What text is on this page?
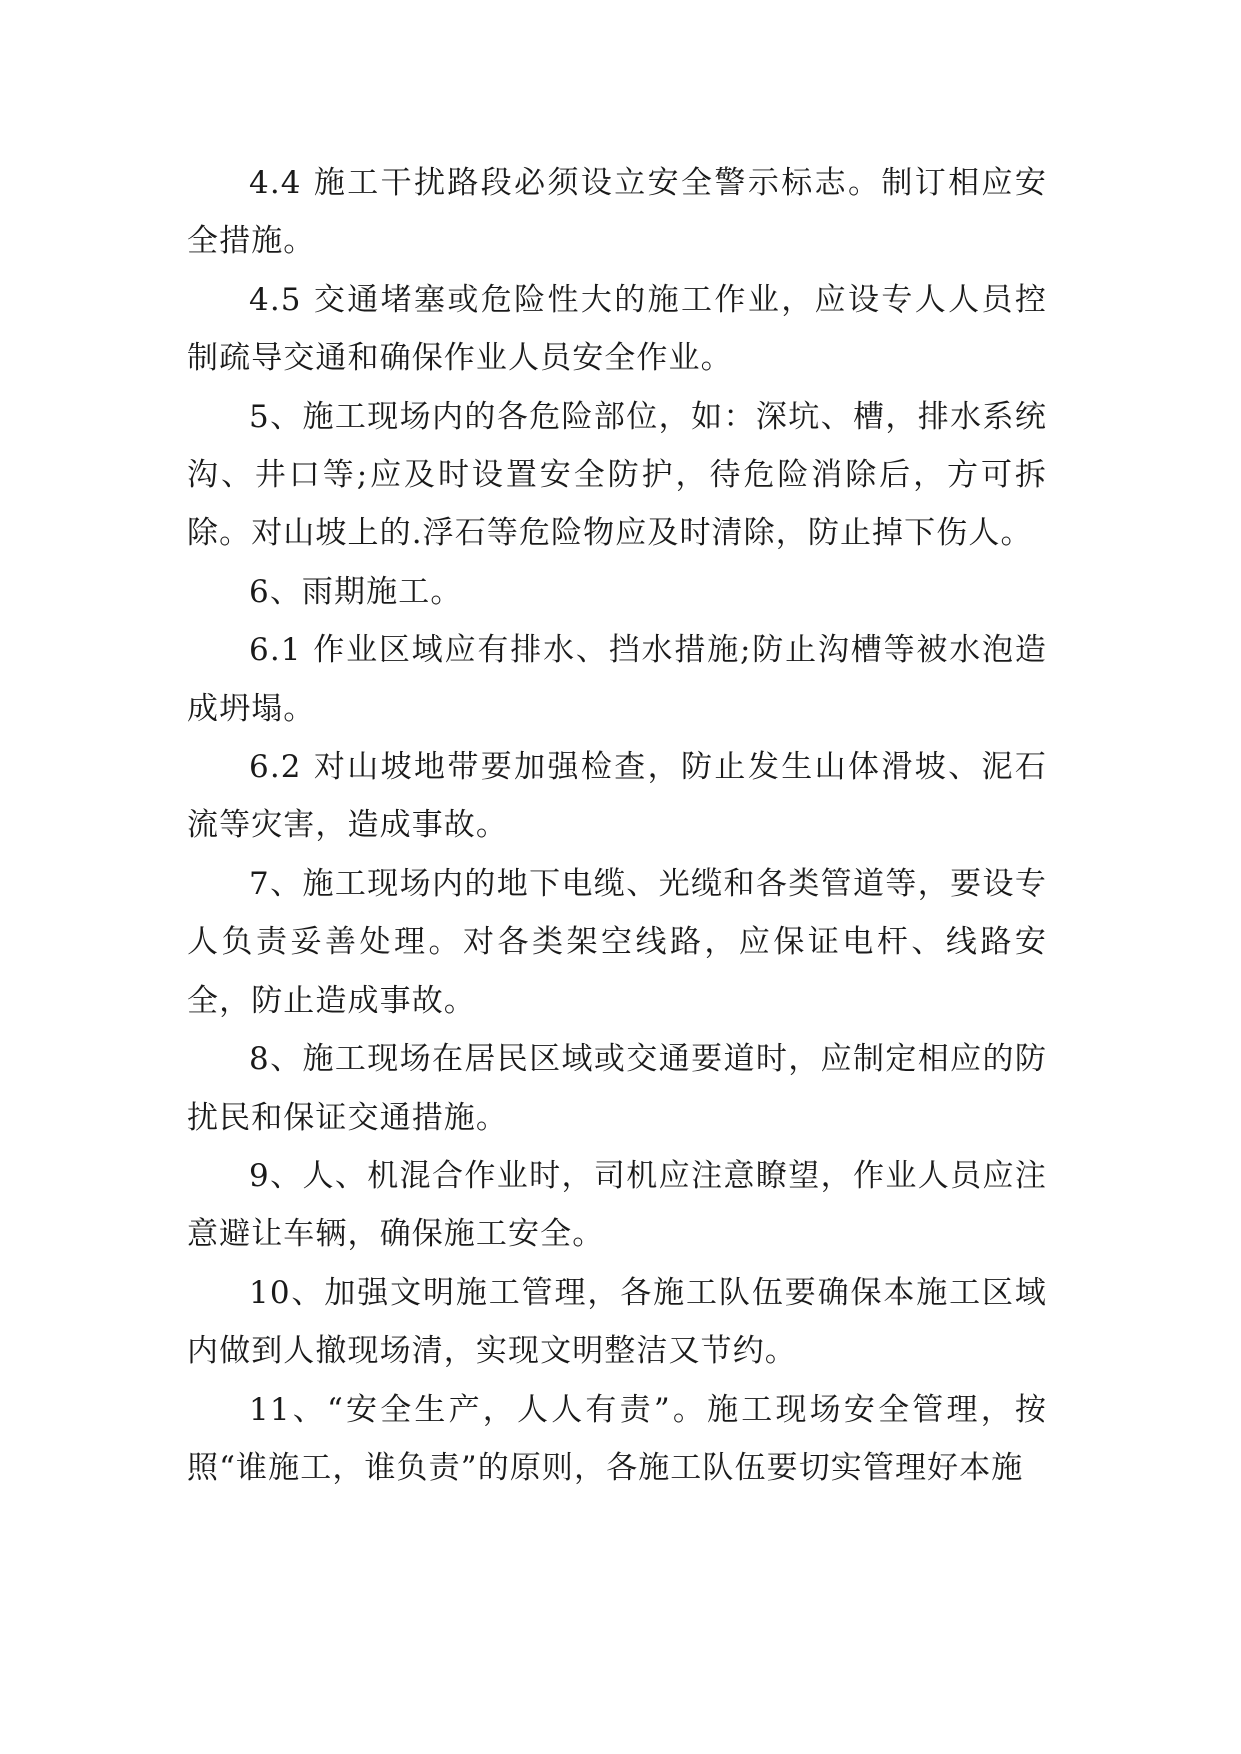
4.4 施工干扰路段必须设立安全警示标志。制订相应安全措施。

4.5 交通堵塞或危险性大的施工作业，应设专人人员控制疏导交通和确保作业人员安全作业。

5、施工现场内的各危险部位，如：深坑、槽，排水系统沟、井口等;应及时设置安全防护，待危险消除后，方可拆除。对山坡上的.浮石等危险物应及时清除，防止掉下伤人。

6、雨期施工。

6.1 作业区域应有排水、挡水措施;防止沟槽等被水泡造成坍塌。

6.2 对山坡地带要加强检查，防止发生山体滑坡、泥石流等灾害，造成事故。

7、施工现场内的地下电缆、光缆和各类管道等，要设专人负责妥善处理。对各类架空线路，应保证电杆、线路安全，防止造成事故。

8、施工现场在居民区域或交通要道时，应制定相应的防扰民和保证交通措施。

9、人、机混合作业时，司机应注意瞭望，作业人员应注意避让车辆，确保施工安全。

10、加强文明施工管理，各施工队伍要确保本施工区域内做到人撤现场清，实现文明整洁又节约。

11、“安全生产，人人有责”。施工现场安全管理，按照“谁施工，谁负责”的原则，各施工队伍要切实管理好本施
